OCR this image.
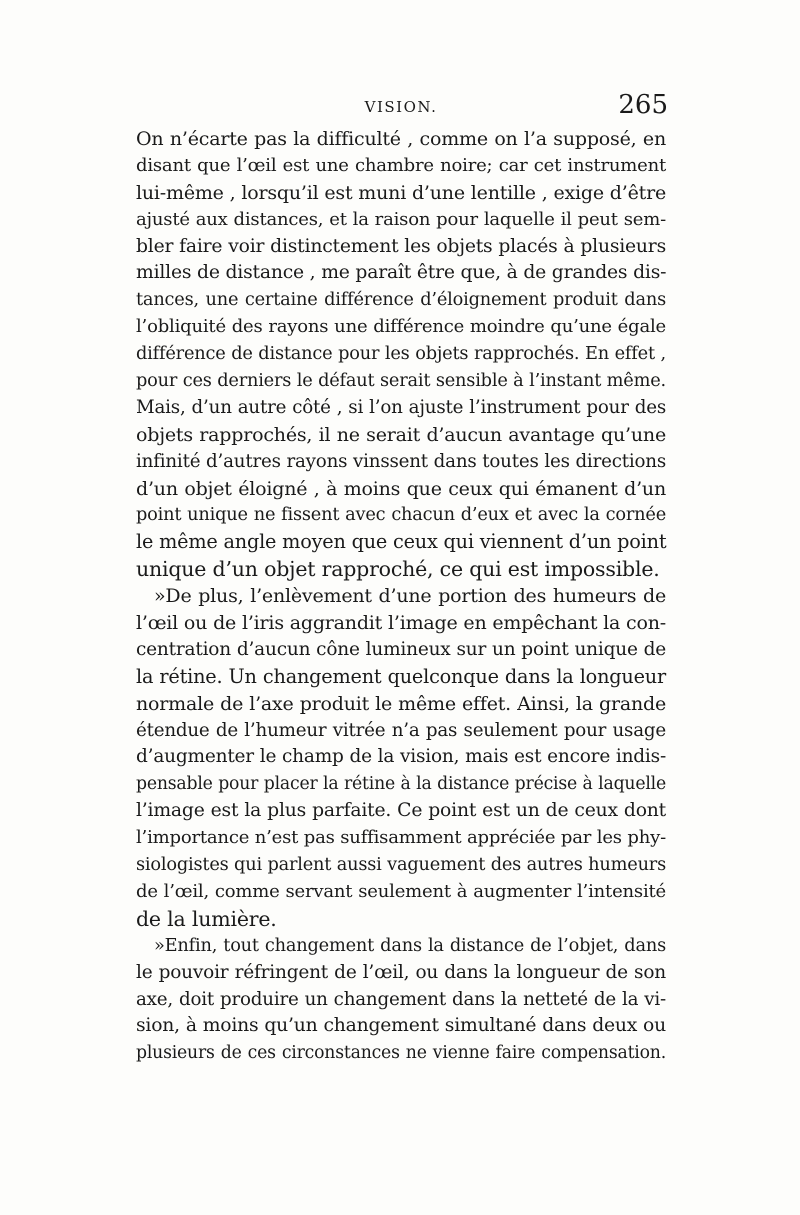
VISION.	265
On n’écarte pas la difficulté , comme on l’a supposé, en
disant que l’œil est une chambre noire; car cet instrument
lui-même , lorsqu’il est muni d’une lentille , exige d’être
ajusté aux distances, et la raison pour laquelle il peut sem-
bler faire voir distinctement les objets placés à plusieurs
milles de distance , me paraît être que, à de grandes dis-
tances, une certaine différence d’éloignement produit dans
l’obliquité des rayons une différence moindre qu’une égale
différence de distance pour les objets rapprochés. En effet ,
pour ces derniers le défaut serait sensible à l’instant même.
Mais, d’un autre côté , si l’on ajuste l’instrument pour des
objets rapprochés, il ne serait d’aucun avantage qu’une
infinité d’autres rayons vinssent dans toutes les directions
d’un objet éloigné , à moins que ceux qui émanent d’un
point unique ne fissent avec chacun d’eux et avec la cornée
le même angle moyen que ceux qui viennent d’un point
unique d’un objet rapproché, ce qui est impossible.
»De plus, l’enlèvement d’une portion des humeurs de
l’œil ou de l’iris aggrandit l’image en empêchant la con-
centration d’aucun cône lumineux sur un point unique de
la rétine. Un changement quelconque dans la longueur
normale de l’axe produit le même effet. Ainsi, la grande
étendue de l’humeur vitrée n’a pas seulement pour usage
d’augmenter le champ de la vision, mais est encore indis-
pensable pour placer la rétine à la distance précise à laquelle
l’image est la plus parfaite. Ce point est un de ceux dont
l’importance n’est pas suffisamment appréciée par les phy-
siologistes qui parlent aussi vaguement des autres humeurs
de l’œil, comme servant seulement à augmenter l’intensité
de la lumière.
»Enfin, tout changement dans la distance de l’objet, dans
le pouvoir réfringent de l’œil, ou dans la longueur de son
axe, doit produire un changement dans la netteté de la vi-
sion, à moins qu’un changement simultané dans deux ou
plusieurs de ces circonstances ne vienne faire compensation.
